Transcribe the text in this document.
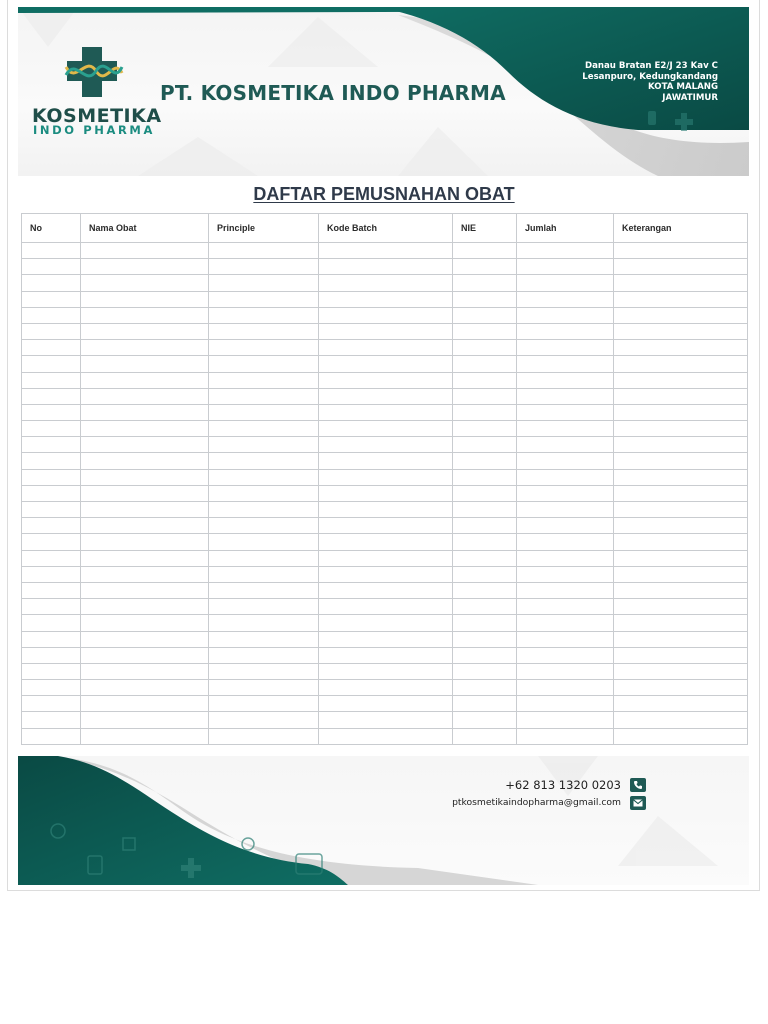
KOSMETIKA
INDO PHARMA
PT. KOSMETIKA INDO PHARMA
Danau Bratan E2/J 23 Kav C
Lesanpuro, Kedungkandang
KOTA MALANG
JAWATIMUR
DAFTAR PEMUSNAHAN OBAT
No	Nama Obat	Principle	Kode Batch	NIE	Jumlah	Keterangan

+62 813 1320 0203
ptkosmetikaindopharma@gmail.com
